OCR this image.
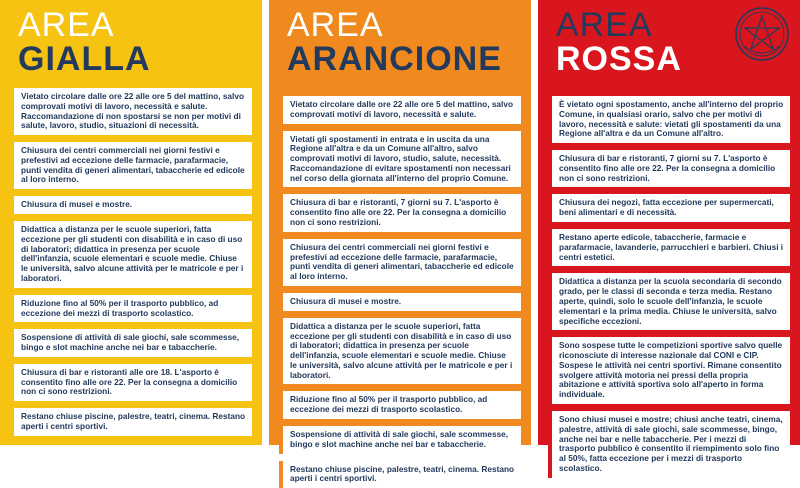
AREA
GIALLA
Vietato circolare dalle ore 22 alle ore 5 del mattino, salvo comprovati motivi di lavoro, necessità e salute. Raccomandazione di non spostarsi se non per motivi di salute, lavoro, studio, situazioni di necessità.
Chiusura dei centri commerciali nei giorni festivi e prefestivi ad eccezione delle farmacie, parafarmacie, punti vendita di generi alimentari, tabaccherie ed edicole al loro interno.
Chiusura di musei e mostre.
Didattica a distanza per le scuole superiori, fatta eccezione per gli studenti con disabilità e in caso di uso di laboratori; didattica in presenza per scuole dell'infanzia, scuole elementari e scuole medie. Chiuse le università, salvo alcune attività per le matricole e per i laboratori.
Riduzione fino al 50% per il trasporto pubblico, ad eccezione dei mezzi di trasporto scolastico.
Sospensione di attività di sale giochi, sale scommesse, bingo e slot machine anche nei bar e tabaccherie.
Chiusura di bar e ristoranti alle ore 18. L'asporto è consentito fino alle ore 22. Per la consegna a domicilio non ci sono restrizioni.
Restano chiuse piscine, palestre, teatri, cinema. Restano aperti i centri sportivi.
AREA
ARANCIONE
Vietato circolare dalle ore 22 alle ore 5 del mattino, salvo comprovati motivi di lavoro, necessità e salute.
Vietati gli spostamenti in entrata e in uscita da una Regione all'altra e da un Comune all'altro, salvo comprovati motivi di lavoro, studio, salute, necessità. Raccomandazione di evitare spostamenti non necessari nel corso della giornata all'interno del proprio Comune.
Chiusura di bar e ristoranti, 7 giorni su 7. L'asporto è consentito fino alle ore 22. Per la consegna a domicilio non ci sono restrizioni.
Chiusura dei centri commerciali nei giorni festivi e prefestivi ad eccezione delle farmacie, parafarmacie, punti vendita di generi alimentari, tabaccherie ed edicole al loro interno.
Chiusura di musei e mostre.
Didattica a distanza per le scuole superiori, fatta eccezione per gli studenti con disabilità e in caso di uso di laboratori; didattica in presenza per scuole dell'infanzia, scuole elementari e scuole medie. Chiuse le università, salvo alcune attività per le matricole e per i laboratori.
Riduzione fino al 50% per il trasporto pubblico, ad eccezione dei mezzi di trasporto scolastico.
Sospensione di attività di sale giochi, sale scommesse, bingo e slot machine anche nei bar e tabaccherie.
Restano chiuse piscine, palestre, teatri, cinema. Restano aperti i centri sportivi.
AREA
ROSSA
È vietato ogni spostamento, anche all'interno del proprio Comune, in qualsiasi orario, salvo che per motivi di lavoro, necessità e salute: vietati gli spostamenti da una Regione all'altra e da un Comune all'altro.
Chiusura di bar e ristoranti, 7 giorni su 7. L'asporto è consentito fino alle ore 22. Per la consegna a domicilio non ci sono restrizioni.
Chiusura dei negozi, fatta eccezione per supermercati, beni alimentari e di necessità.
Restano aperte edicole, tabaccherie, farmacie e parafarmacie, lavanderie, parrucchieri e barbieri. Chiusi i centri estetici.
Didattica a distanza per la scuola secondaria di secondo grado, per le classi di seconda e terza media. Restano aperte, quindi, solo le scuole dell'infanzia, le scuole elementari e la prima media. Chiuse le università, salvo specifiche eccezioni.
Sono sospese tutte le competizioni sportive salvo quelle riconosciute di interesse nazionale dal CONI e CIP. Sospese le attività nei centri sportivi. Rimane consentito svolgere attività motoria nei pressi della propria abitazione e attività sportiva solo all'aperto in forma individuale.
Sono chiusi musei e mostre; chiusi anche teatri, cinema, palestre, attività di sale giochi, sale scommesse, bingo, anche nei bar e nelle tabaccherie. Per i mezzi di trasporto pubblico è consentito il riempimento solo fino al 50%, fatta eccezione per i mezzi di trasporto scolastico.
